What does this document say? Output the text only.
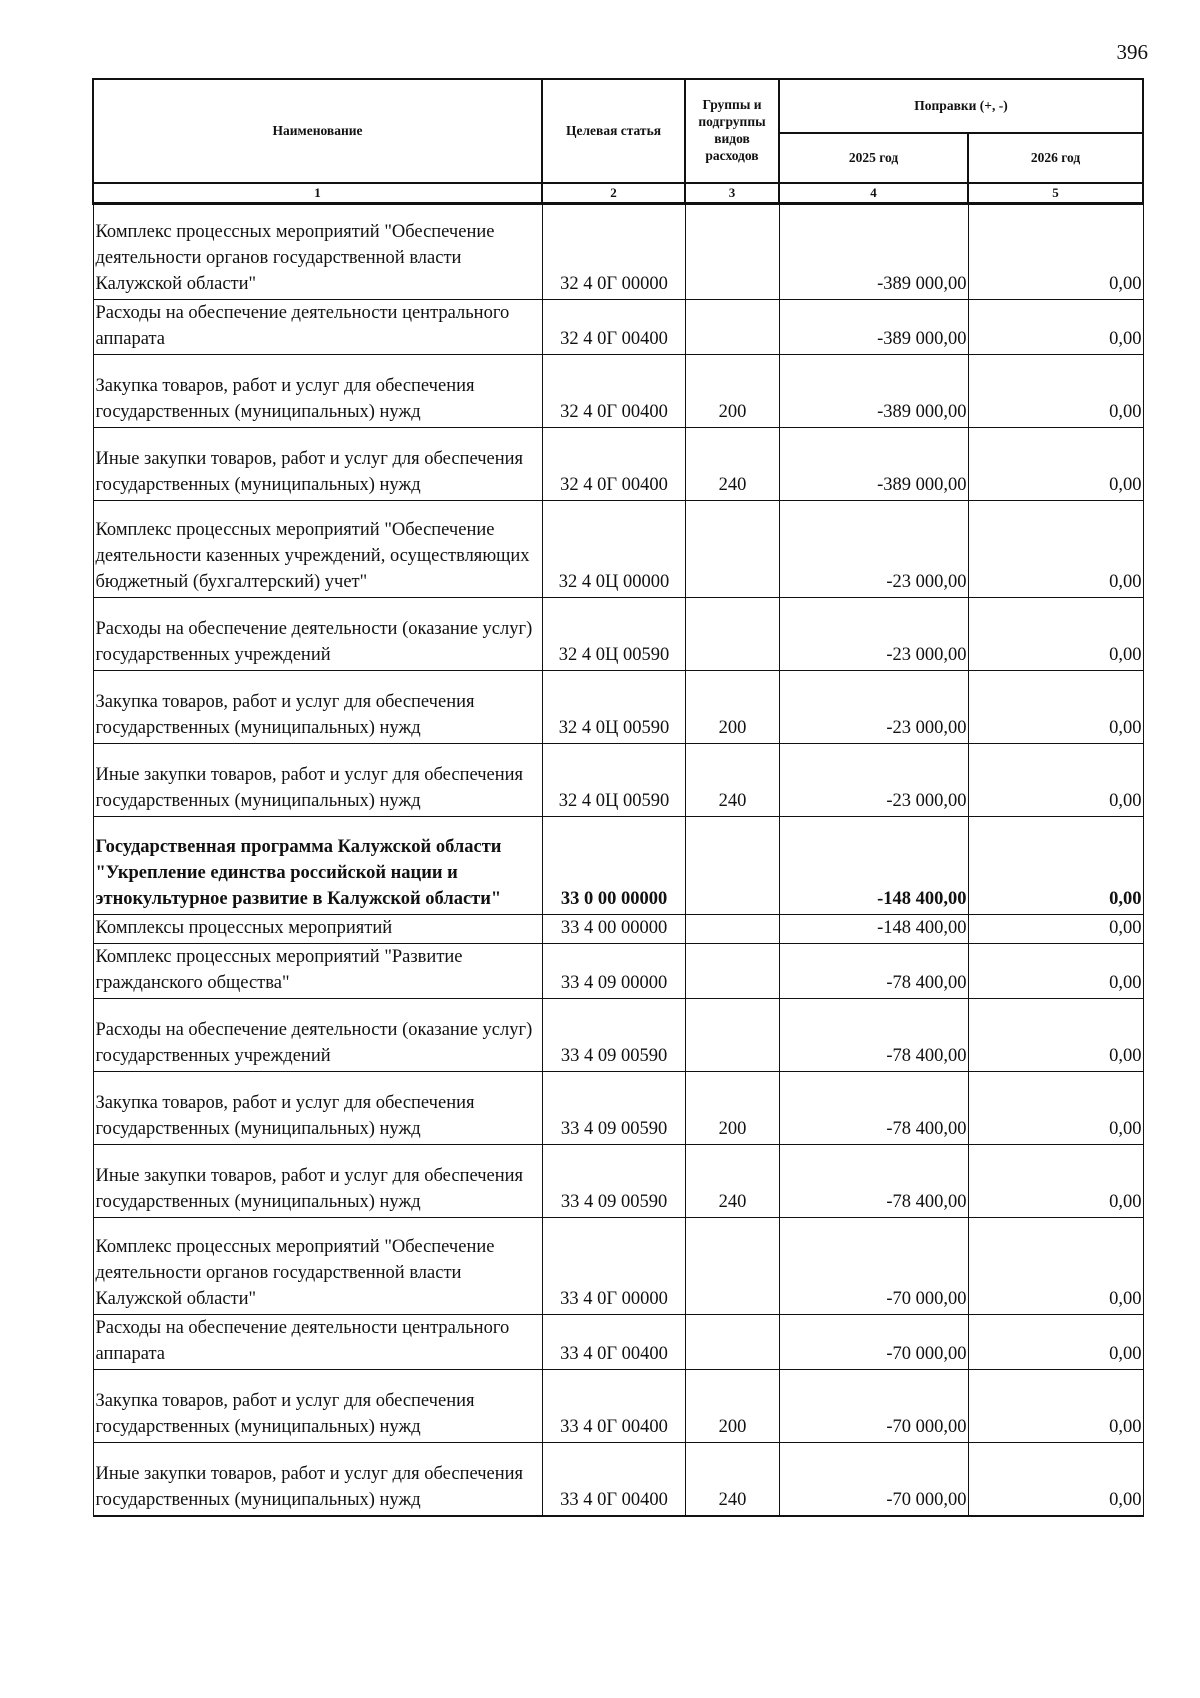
396
Наименование	Целевая статья	Группы и подгруппы видов расходов	Поправки (+, -)	
			2025 год	2026 год
1	2	3	4	5
Комплекс процессных мероприятий "Обеспечение деятельности органов государственной власти Калужской области"	32 4 0Г 00000		-389 000,00	0,00
Расходы на обеспечение деятельности центрального аппарата	32 4 0Г 00400		-389 000,00	0,00
Закупка товаров, работ и услуг для обеспечения государственных (муниципальных) нужд	32 4 0Г 00400	200	-389 000,00	0,00
Иные закупки товаров, работ и услуг для обеспечения государственных (муниципальных) нужд	32 4 0Г 00400	240	-389 000,00	0,00
Комплекс процессных мероприятий "Обеспечение деятельности казенных учреждений, осуществляющих бюджетный (бухгалтерский) учет"	32 4 0Ц 00000		-23 000,00	0,00
Расходы на обеспечение деятельности (оказание услуг) государственных учреждений	32 4 0Ц 00590		-23 000,00	0,00
Закупка товаров, работ и услуг для обеспечения государственных (муниципальных) нужд	32 4 0Ц 00590	200	-23 000,00	0,00
Иные закупки товаров, работ и услуг для обеспечения государственных (муниципальных) нужд	32 4 0Ц 00590	240	-23 000,00	0,00
Государственная программа Калужской области "Укрепление единства российской нации и этнокультурное развитие в Калужской области"	33 0 00 00000		-148 400,00	0,00
Комплексы процессных мероприятий	33 4 00 00000		-148 400,00	0,00
Комплекс процессных мероприятий "Развитие гражданского общества"	33 4 09 00000		-78 400,00	0,00
Расходы на обеспечение деятельности (оказание услуг) государственных учреждений	33 4 09 00590		-78 400,00	0,00
Закупка товаров, работ и услуг для обеспечения государственных (муниципальных) нужд	33 4 09 00590	200	-78 400,00	0,00
Иные закупки товаров, работ и услуг для обеспечения государственных (муниципальных) нужд	33 4 09 00590	240	-78 400,00	0,00
Комплекс процессных мероприятий "Обеспечение деятельности органов государственной власти Калужской области"	33 4 0Г 00000		-70 000,00	0,00
Расходы на обеспечение деятельности центрального аппарата	33 4 0Г 00400		-70 000,00	0,00
Закупка товаров, работ и услуг для обеспечения государственных (муниципальных) нужд	33 4 0Г 00400	200	-70 000,00	0,00
Иные закупки товаров, работ и услуг для обеспечения государственных (муниципальных) нужд	33 4 0Г 00400	240	-70 000,00	0,00
